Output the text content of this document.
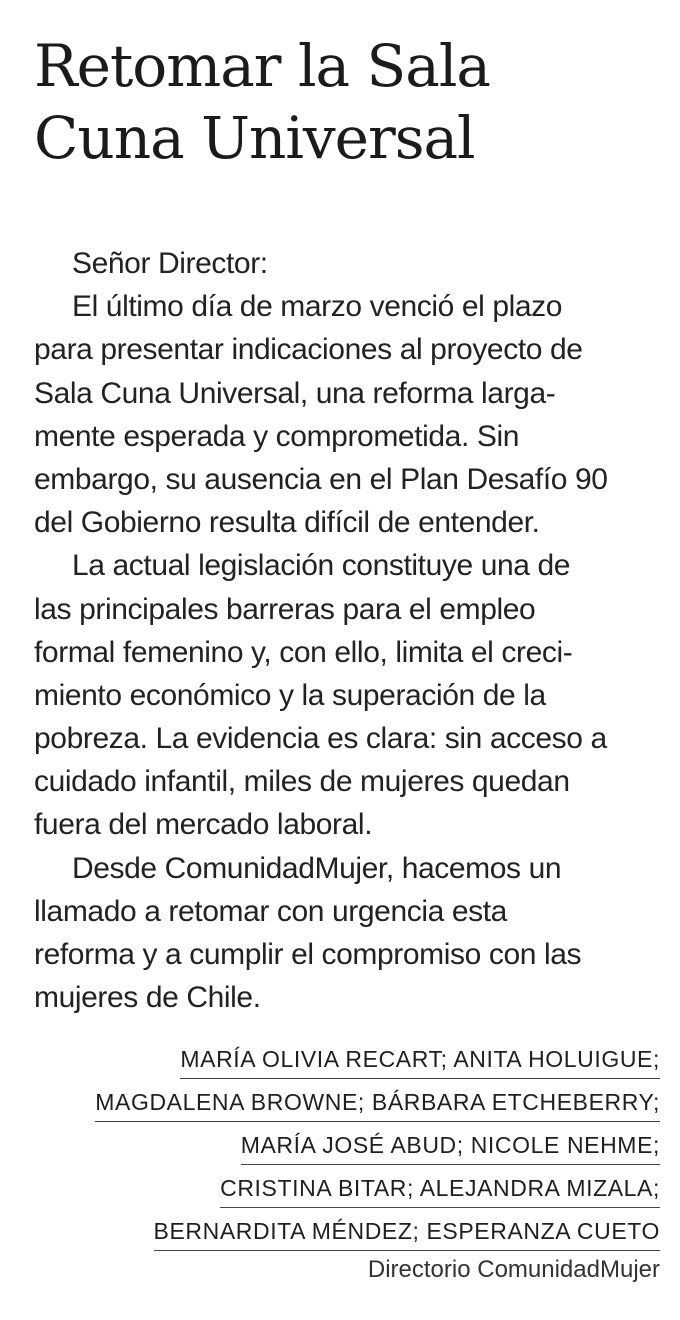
Retomar la Sala
Cuna Universal
Señor Director:
El último día de marzo venció el plazo
para presentar indicaciones al proyecto de
Sala Cuna Universal, una reforma larga-
mente esperada y comprometida. Sin
embargo, su ausencia en el Plan Desafío 90
del Gobierno resulta difícil de entender.
La actual legislación constituye una de
las principales barreras para el empleo
formal femenino y, con ello, limita el creci-
miento económico y la superación de la
pobreza. La evidencia es clara: sin acceso a
cuidado infantil, miles de mujeres quedan
fuera del mercado laboral.
Desde ComunidadMujer, hacemos un
llamado a retomar con urgencia esta
reforma y a cumplir el compromiso con las
mujeres de Chile.
MARÍA OLIVIA RECART; ANITA HOLUIGUE;
MAGDALENA BROWNE; BÁRBARA ETCHEBERRY;
MARÍA JOSÉ ABUD; NICOLE NEHME;
CRISTINA BITAR; ALEJANDRA MIZALA;
BERNARDITA MÉNDEZ; ESPERANZA CUETO
Directorio ComunidadMujer
